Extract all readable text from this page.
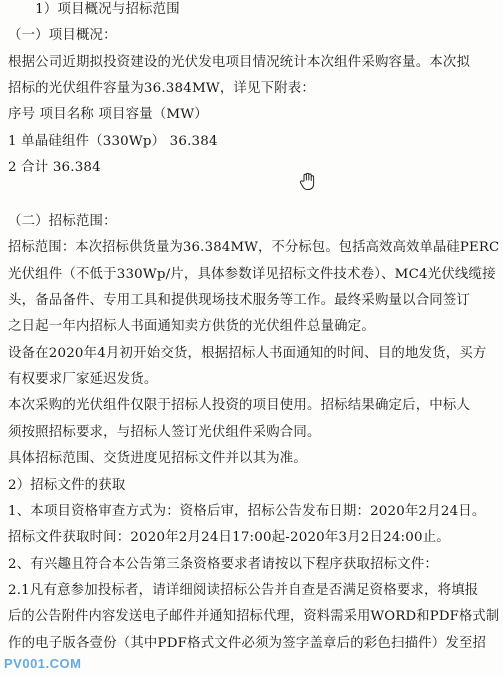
　　1）项目概况与招标范围
（一）项目概况：
根据公司近期拟投资建设的光伏发电项目情况统计本次组件采购容量。本次拟
招标的光伏组件容量为36.384MW，详见下附表：
序号 项目名称 项目容量（MW）
1 单晶硅组件（330Wp） 36.384
2 合计 36.384
（二）招标范围：
招标范围：本次招标供货量为36.384MW，不分标包。包括高效高效单晶硅PERC
光伏组件（不低于330Wp/片，具体参数详见招标文件技术卷）、MC4光伏线缆接
头，备品备件、专用工具和提供现场技术服务等工作。最终采购量以合同签订
之日起一年内招标人书面通知卖方供货的光伏组件总量确定。
设备在2020年4月初开始交货，根据招标人书面通知的时间、目的地发货，买方
有权要求厂家延迟发货。
本次采购的光伏组件仅限于招标人投资的项目使用。招标结果确定后，中标人
须按照招标要求，与招标人签订光伏组件采购合同。
具体招标范围、交货进度见招标文件并以其为准。
2）招标文件的获取
1、本项目资格审查方式为：资格后审，招标公告发布日期：2020年2月24日。
招标文件获取时间：2020年2月24日17:00起-2020年3月2日24:00止。
2、有兴趣且符合本公告第三条资格要求者请按以下程序获取招标文件：
2.1凡有意参加投标者，请详细阅读招标公告并自查是否满足资格要求，将填报
后的公告附件内容发送电子邮件并通知招标代理，资料需采用WORD和PDF格式制
作的电子版各壹份（其中PDF格式文件必须为签字盖章后的彩色扫描件）发至招
PV001.COM
